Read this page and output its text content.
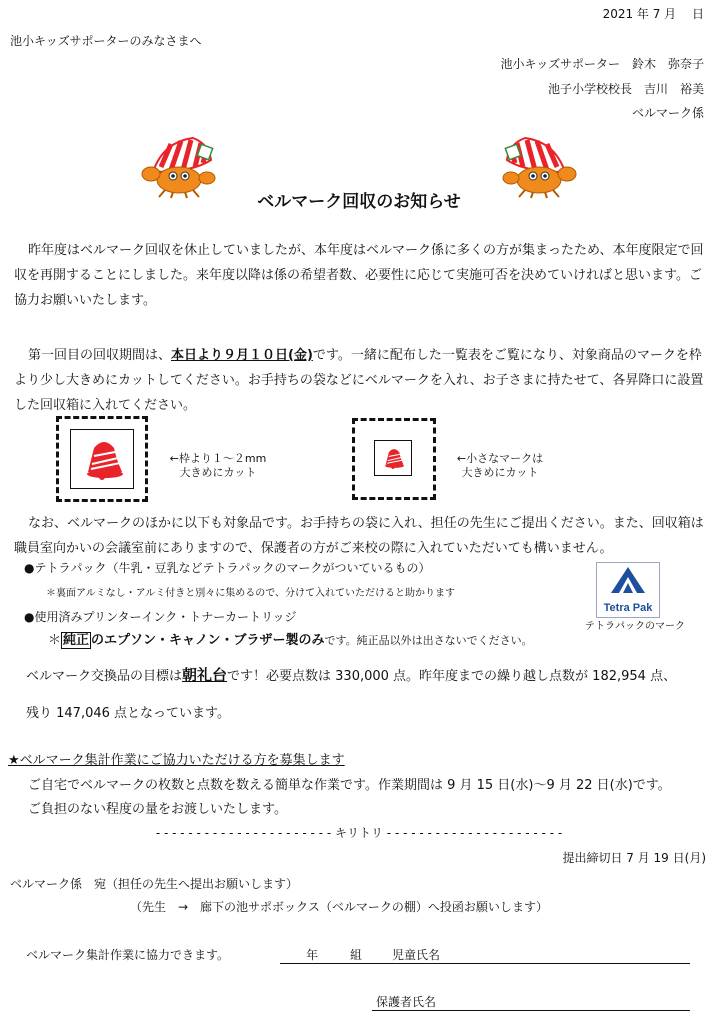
2021 年 7 月　 日
池小キッズサポーターのみなさまへ
池小キッズサポーター　鈴木　弥奈子
池子小学校校長　吉川　裕美
ベルマーク係
ベルマーク回収のお知らせ
昨年度はベルマーク回収を休止していましたが、本年度はベルマーク係に多くの方が集まったため、本年度限定で回収を再開することにしました。来年度以降は係の希望者数、必要性に応じて実施可否を決めていければと思います。ご協力お願いいたします。
第一回目の回収期間は、本日より９月１０日(金)です。一緒に配布した一覧表をご覧になり、対象商品のマークを枠より少し大きめにカットしてください。お手持ちの袋などにベルマークを入れ、お子さまに持たせて、各昇降口に設置した回収箱に入れてください。
←枠より１～２mm
大きめにカット
←小さなマークは
大きめにカット
なお、ベルマークのほかに以下も対象品です。お手持ちの袋に入れ、担任の先生にご提出ください。また、回収箱は職員室向かいの会議室前にありますので、保護者の方がご来校の際に入れていただいても構いません。
●テトラパック（牛乳・豆乳などテトラパックのマークがついているもの）
＊裏面アルミなし・アルミ付きと別々に集めるので、分けて入れていただけると助かります
●使用済みプリンターインク・トナーカートリッジ
＊ 純正 のエプソン・キャノン・ブラザー製のみです。純正品以外は出さないでください。
Tetra Pak
テトラパックのマーク
ベルマーク交換品の目標は朝礼台です！必要点数は 330,000 点。昨年度までの繰り越し点数が 182,954 点、
残り 147,046 点となっています。
★ベルマーク集計作業にご協力いただける方を募集します
ご自宅でベルマークの枚数と点数を数える簡単な作業です。作業期間は 9 月 15 日(水)～9 月 22 日(水)です。
ご負担のない程度の量をお渡しいたします。
- - - - - - - - - - - - - - - - - - - - - - キリトリ - - - - - - - - - - - - - - - - - - - - - -
提出締切日 7 月 19 日(月)
ベルマーク係　宛（担任の先生へ提出お願いします）
（先生　→　廊下の池サポボックス（ベルマークの棚）へ投函お願いします）
ベルマーク集計作業に協力できます。	年	組 児童氏名
保護者氏名
